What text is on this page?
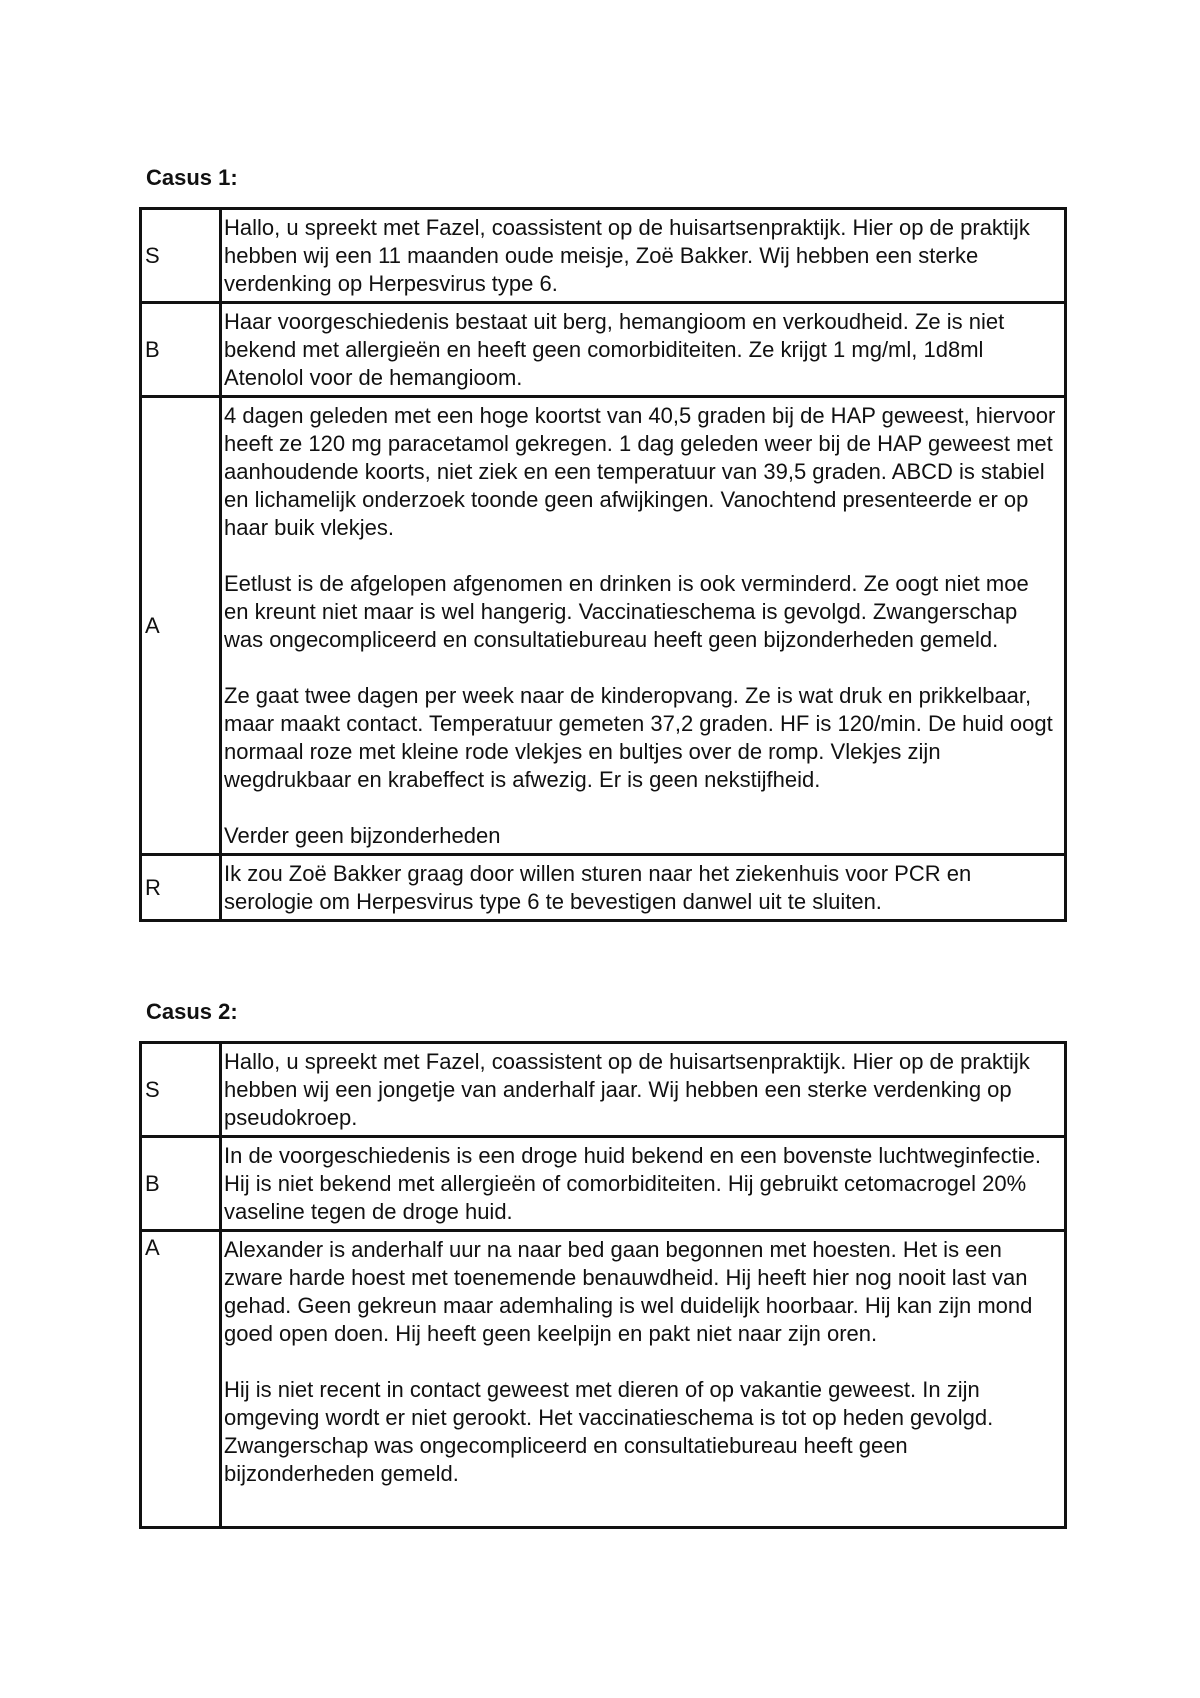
Casus 1:
S	Hallo, u spreekt met Fazel, coassistent op de huisartsenpraktijk. Hier op de praktijk hebben wij een 11 maanden oude meisje, Zoë Bakker. Wij hebben een sterke verdenking op Herpesvirus type 6.

B	Haar voorgeschiedenis bestaat uit berg, hemangioom en verkoudheid. Ze is niet bekend met allergieën en heeft geen comorbiditeiten. Ze krijgt 1 mg/ml, 1d8ml Atenolol voor de hemangioom.

A	4 dagen geleden met een hoge koortst van 40,5 graden bij de HAP geweest, hiervoor heeft ze 120 mg paracetamol gekregen. 1 dag geleden weer bij de HAP geweest met aanhoudende koorts, niet ziek en een temperatuur van 39,5 graden. ABCD is stabiel en lichamelijk onderzoek toonde geen afwijkingen. Vanochtend presenteerde er op haar buik vlekjes.

Eetlust is de afgelopen afgenomen en drinken is ook verminderd. Ze oogt niet moe en kreunt niet maar is wel hangerig. Vaccinatieschema is gevolgd. Zwangerschap was ongecompliceerd en consultatiebureau heeft geen bijzonderheden gemeld.

Ze gaat twee dagen per week naar de kinderopvang. Ze is wat druk en prikkelbaar, maar maakt contact. Temperatuur gemeten 37,2 graden. HF is 120/min. De huid oogt normaal roze met kleine rode vlekjes en bultjes over de romp. Vlekjes zijn wegdrukbaar en krabeffect is afwezig. Er is geen nekstijfheid.

Verder geen bijzonderheden

R	Ik zou Zoë Bakker graag door willen sturen naar het ziekenhuis voor PCR en serologie om Herpesvirus type 6 te bevestigen danwel uit te sluiten.

Casus 2:
S	Hallo, u spreekt met Fazel, coassistent op de huisartsenpraktijk. Hier op de praktijk hebben wij een jongetje van anderhalf jaar. Wij hebben een sterke verdenking op pseudokroep.

B	In de voorgeschiedenis is een droge huid bekend en een bovenste luchtweginfectie. Hij is niet bekend met allergieën of comorbiditeiten. Hij gebruikt cetomacrogel 20% vaseline tegen de droge huid.

A	Alexander is anderhalf uur na naar bed gaan begonnen met hoesten. Het is een zware harde hoest met toenemende benauwdheid. Hij heeft hier nog nooit last van gehad. Geen gekreun maar ademhaling is wel duidelijk hoorbaar. Hij kan zijn mond goed open doen. Hij heeft geen keelpijn en pakt niet naar zijn oren.

Hij is niet recent in contact geweest met dieren of op vakantie geweest. In zijn omgeving wordt er niet gerookt. Het vaccinatieschema is tot op heden gevolgd. Zwangerschap was ongecompliceerd en consultatiebureau heeft geen bijzonderheden gemeld.
